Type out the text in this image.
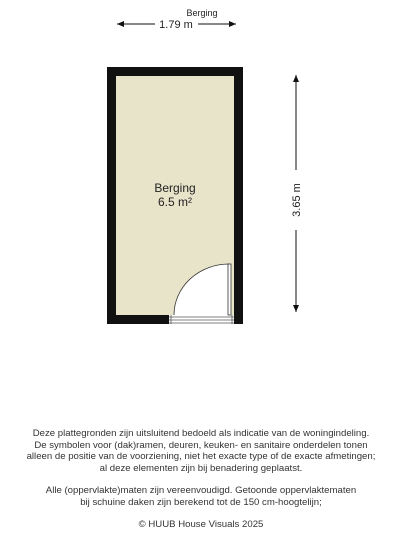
Berging
1.79 m
3.65 m
Berging
6.5 m²
Deze plattegronden zijn uitsluitend bedoeld als indicatie van de woningindeling.
De symbolen voor (dak)ramen, deuren, keuken- en sanitaire onderdelen tonen
alleen de positie van de voorziening, niet het exacte type of de exacte afmetingen;
al deze elementen zijn bij benadering geplaatst.
Alle (oppervlakte)maten zijn vereenvoudigd. Getoonde oppervlaktematen
bij schuine daken zijn berekend tot de 150 cm-hoogtelijn;
© HUUB House Visuals 2025
